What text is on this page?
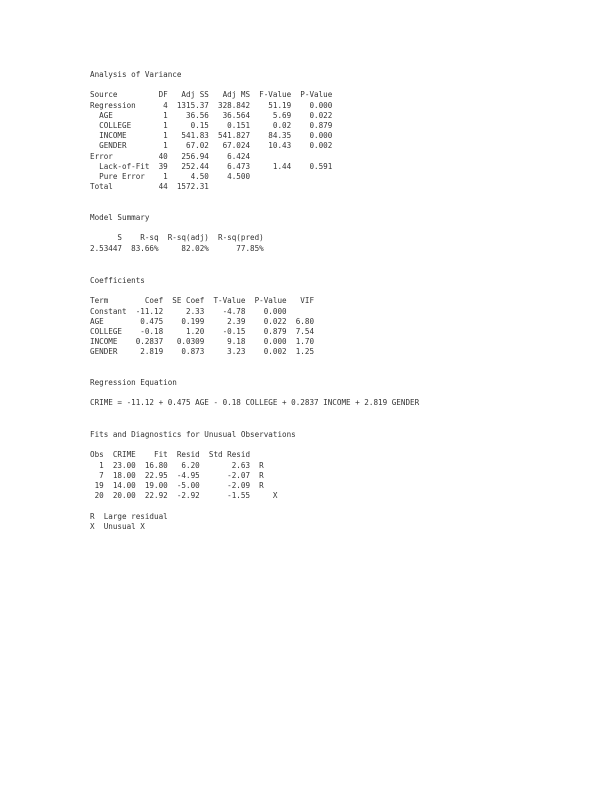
Analysis of Variance
Source         DF   Adj SS   Adj MS  F-Value  P-Value
Regression      4  1315.37  328.842    51.19    0.000
AGE           1    36.56   36.564     5.69    0.022
COLLEGE       1     0.15    0.151     0.02    0.879
INCOME        1   541.83  541.827    84.35    0.000
GENDER        1    67.02   67.024    10.43    0.002
Error          40   256.94    6.424
Lack-of-Fit  39   252.44    6.473     1.44    0.591
Pure Error    1     4.50    4.500
Total          44  1572.31
Model Summary
S    R-sq  R-sq(adj)  R-sq(pred)
2.53447  83.66%     82.02%      77.85%
Coefficients
Term        Coef  SE Coef  T-Value  P-Value   VIF
Constant  -11.12     2.33    -4.78    0.000
AGE        0.475    0.199     2.39    0.022  6.80
COLLEGE    -0.18     1.20    -0.15    0.879  7.54
INCOME    0.2837   0.0309     9.18    0.000  1.70
GENDER     2.819    0.873     3.23    0.002  1.25
Regression Equation
CRIME = -11.12 + 0.475 AGE - 0.18 COLLEGE + 0.2837 INCOME + 2.819 GENDER
Fits and Diagnostics for Unusual Observations
Obs  CRIME    Fit  Resid  Std Resid
1  23.00  16.80   6.20       2.63  R
7  18.00  22.95  -4.95      -2.07  R
19  14.00  19.00  -5.00      -2.09  R
20  20.00  22.92  -2.92      -1.55     X
R  Large residual
X  Unusual X
